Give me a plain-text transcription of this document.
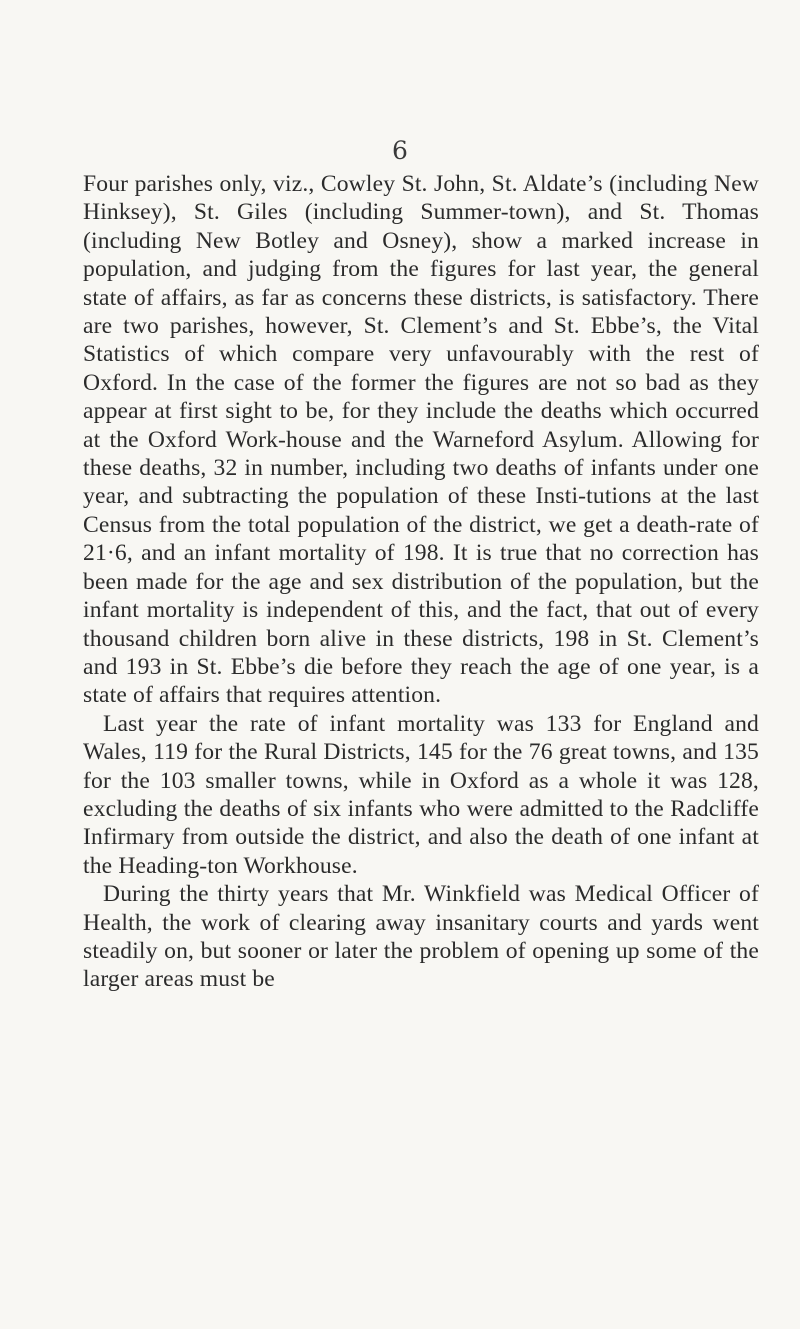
6

Four parishes only, viz., Cowley St. John, St. Aldate’s (including New Hinksey), St. Giles (including Summer-town), and St. Thomas (including New Botley and Osney), show a marked increase in population, and judging from the figures for last year, the general state of affairs, as far as concerns these districts, is satisfactory. There are two parishes, however, St. Clement’s and St. Ebbe’s, the Vital Statistics of which compare very unfavourably with the rest of Oxford. In the case of the former the figures are not so bad as they appear at first sight to be, for they include the deaths which occurred at the Oxford Work-house and the Warneford Asylum. Allowing for these deaths, 32 in number, including two deaths of infants under one year, and subtracting the population of these Insti-tutions at the last Census from the total population of the district, we get a death-rate of 21·6, and an infant mortality of 198. It is true that no correction has been made for the age and sex distribution of the population, but the infant mortality is independent of this, and the fact, that out of every thousand children born alive in these districts, 198 in St. Clement’s and 193 in St. Ebbe’s die before they reach the age of one year, is a state of affairs that requires attention.

Last year the rate of infant mortality was 133 for England and Wales, 119 for the Rural Districts, 145 for the 76 great towns, and 135 for the 103 smaller towns, while in Oxford as a whole it was 128, excluding the deaths of six infants who were admitted to the Radcliffe Infirmary from outside the district, and also the death of one infant at the Heading-ton Workhouse.

During the thirty years that Mr. Winkfield was Medical Officer of Health, the work of clearing away insanitary courts and yards went steadily on, but sooner or later the problem of opening up some of the larger areas must be
